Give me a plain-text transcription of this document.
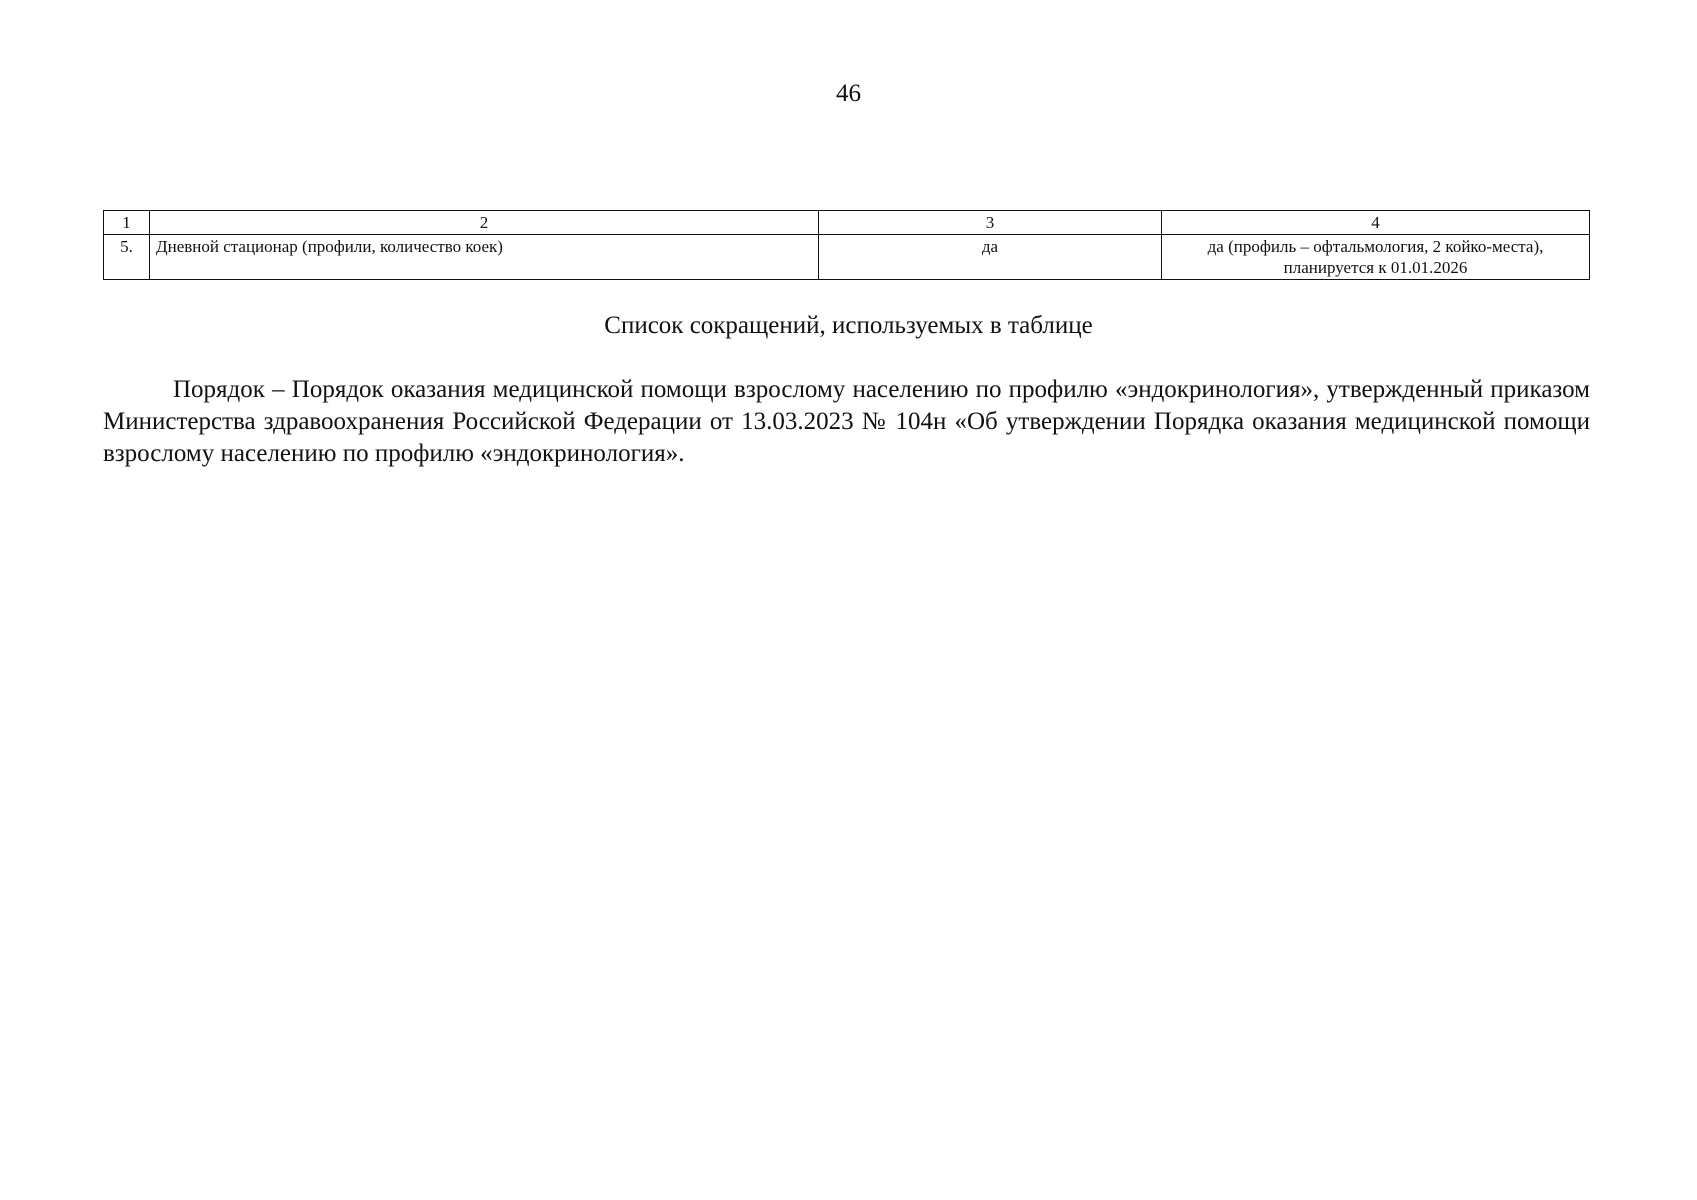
46
1	2	3	4
5.	Дневной стационар (профили, количество коек)	да	да (профиль – офтальмология, 2 койко-места), планируется к 01.01.2026
Список сокращений, используемых в таблице
Порядок – Порядок оказания медицинской помощи взрослому населению по профилю «эндокринология», утвержденный приказом Министерства здравоохранения Российской Федерации от 13.03.2023 № 104н «Об утверждении Порядка оказания медицинской помощи взрослому населению по профилю «эндокринология».
